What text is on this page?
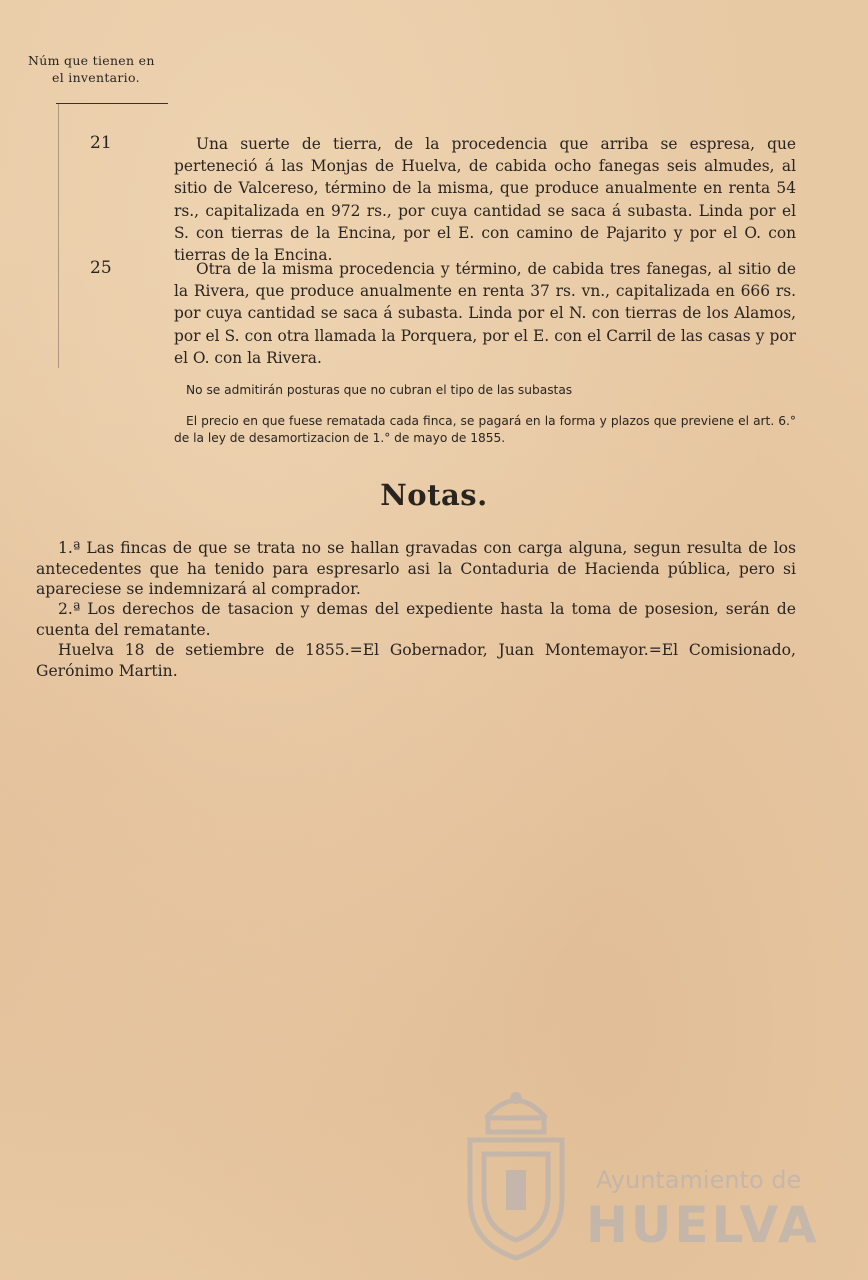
Núm que tienen en
el inventario.
21	Una suerte de tierra, de la procedencia que arriba se espresa, que perteneció á las Monjas de Huelva, de cabida ocho fanegas seis almudes, al sitio de Valcereso, término de la misma, que produce anualmente en renta 54 rs., capitalizada en 972 rs., por cuya cantidad se saca á subasta. Linda por el S. con tierras de la Encina, por el E. con camino de Pajarito y por el O. con tierras de la Encina.
25	Otra de la misma procedencia y término, de cabida tres fanegas, al sitio de la Rivera, que produce anualmente en renta 37 rs. vn., capitalizada en 666 rs. por cuya cantidad se saca á subasta. Linda por el N. con tierras de los Alamos, por el S. con otra llamada la Porquera, por el E. con el Carril de las casas y por el O. con la Rivera.
No se admitirán posturas que no cubran el tipo de las subastas
El precio en que fuese rematada cada finca, se pagará en la forma y plazos que previene el art. 6.° de la ley de desamortizacion de 1.° de mayo de 1855.
Notas.
1.ª Las fincas de que se trata no se hallan gravadas con carga alguna, segun resulta de los antecedentes que ha tenido para espresarlo asi la Contaduria de Hacienda pública, pero si apareciese se indemnizará al comprador.
2.ª Los derechos de tasacion y demas del expediente hasta la toma de posesion, serán de cuenta del rematante.
Huelva 18 de setiembre de 1855.=El Gobernador, Juan Montemayor.=El Comisionado, Gerónimo Martin.
Ayuntamiento de
HUELVA
